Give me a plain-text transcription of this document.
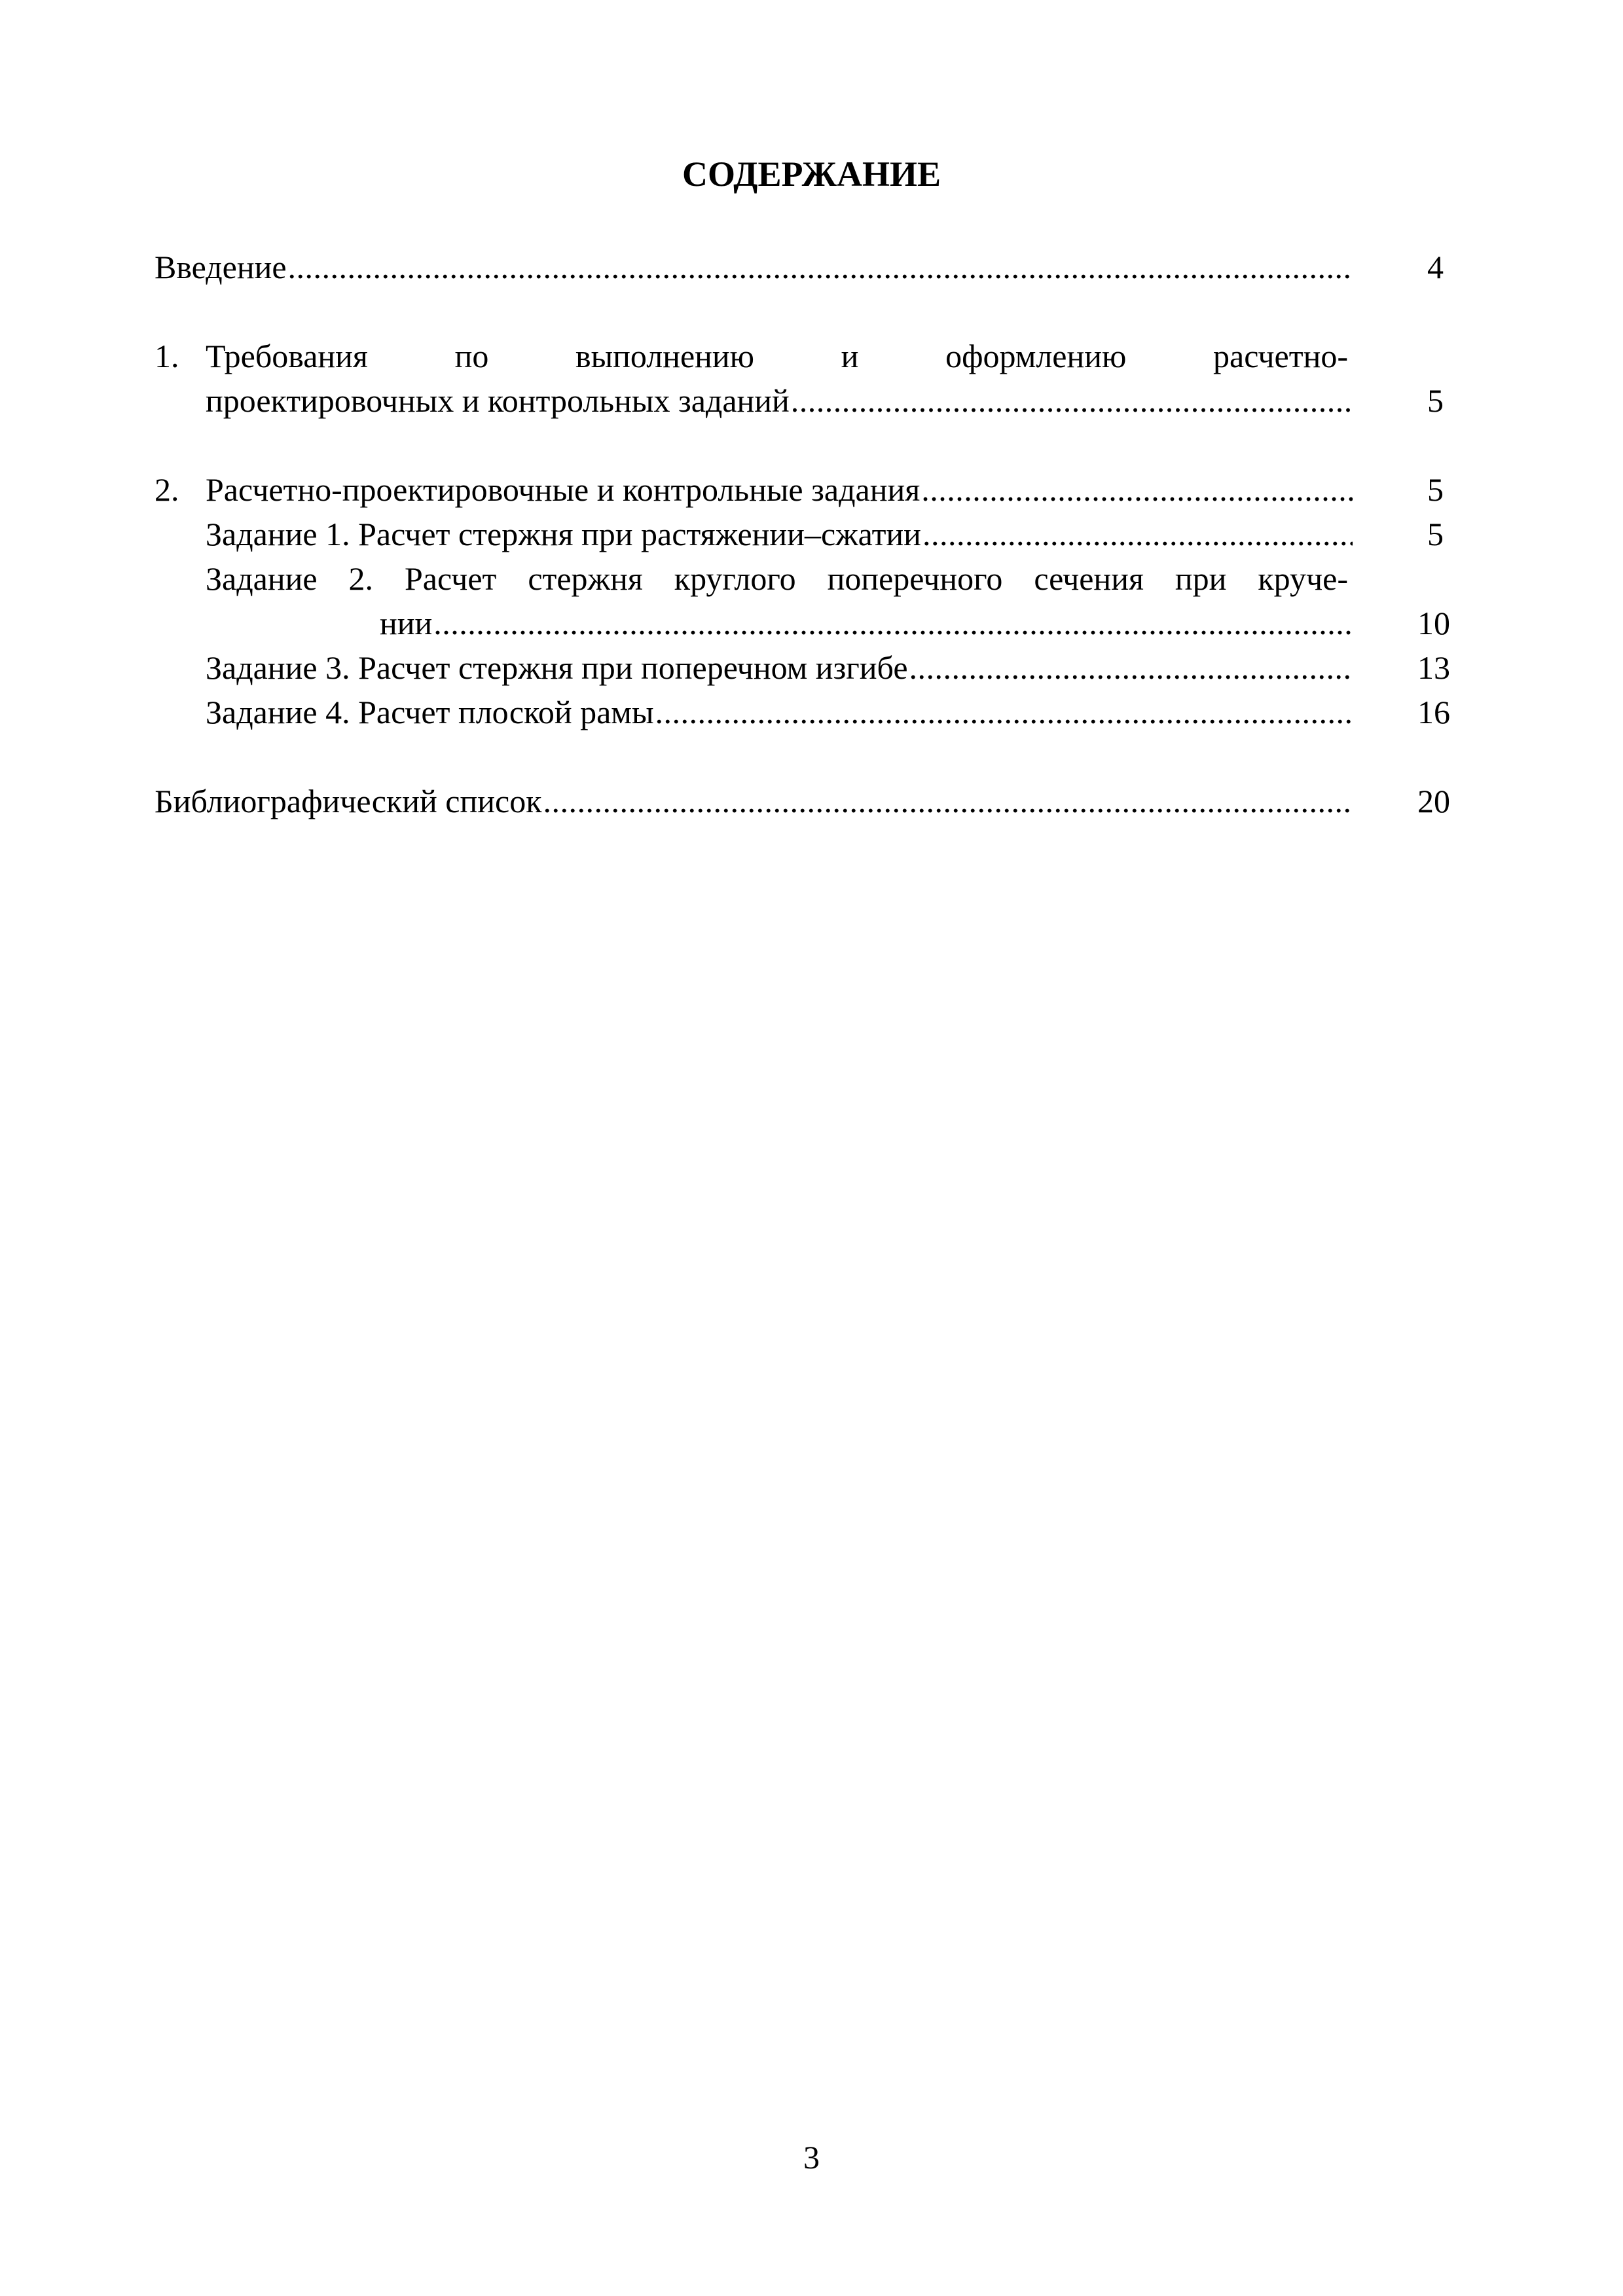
СОДЕРЖАНИЕ
Введение . . .	4
1. Требования по выполнению и оформлению расчетно-
проектировочных и контрольных заданий . . .	5
2. Расчетно-проектировочные и контрольные задания . . .	5
Задание 1. Расчет стержня при растяжении–сжатии . . .	5
Задание 2. Расчет стержня круглого поперечного сечения при круче-
нии . . .	10
Задание 3. Расчет стержня при поперечном изгибе . . .	13
Задание 4. Расчет плоской рамы . . .	16
Библиографический список . . .	20
3
